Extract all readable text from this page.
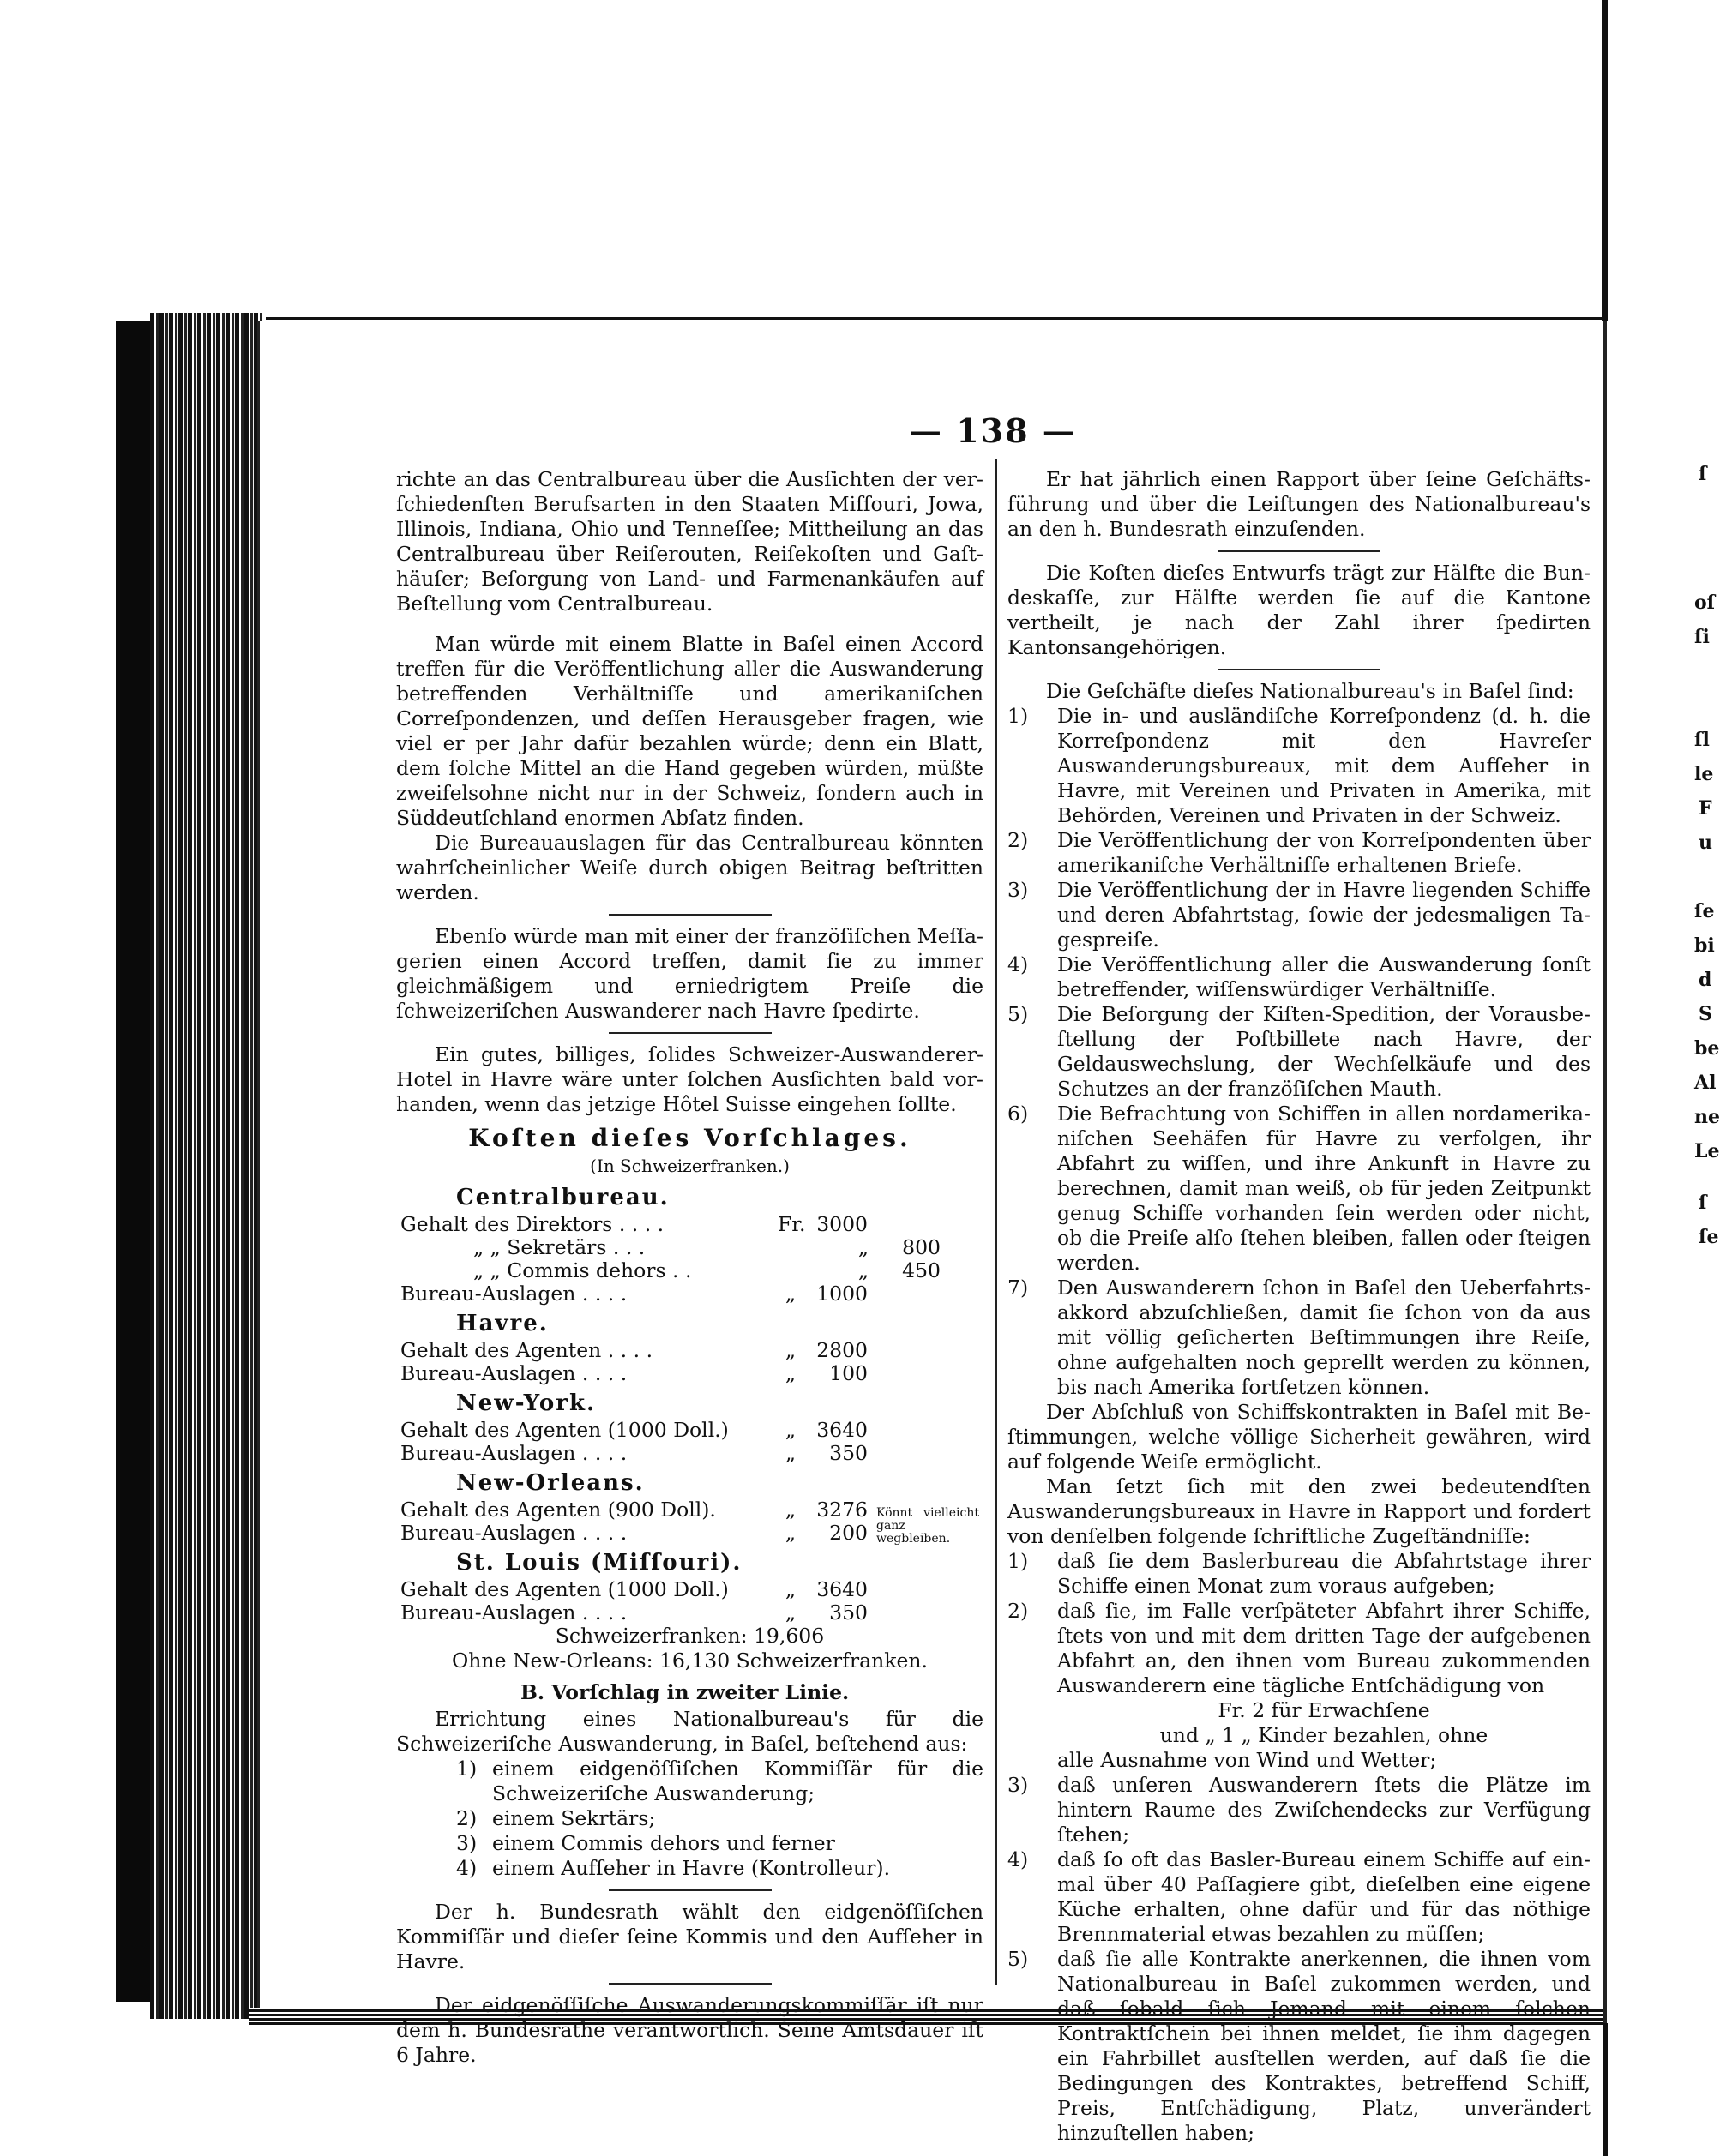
ſ
oſ
ſi
ſl
le
F
u
ſe
bi
d
S
be
Al
ne
Le
ſ
ſe
— 138 —

richte an das Centralbureau über die Ausſichten der verſchiedenſten Berufsarten in den Staaten Miſſouri, Jowa, Illinois, Indiana, Ohio und Tenneſſee; Mittheilung an das Centralbureau über Reiſerouten, Reiſekoſten und Gaſthäuſer; Beſorgung von Land- und Farmenankäufen auf Beſtellung vom Centralbureau.

Man würde mit einem Blatte in Baſel einen Accord treffen für die Veröffentlichung aller die Auswanderung betreffenden Verhältniſſe und amerikaniſchen Correſpondenzen, und deſſen Herausgeber fragen, wie viel er per Jahr dafür bezahlen würde; denn ein Blatt, dem ſolche Mittel an die Hand gegeben würden, müßte zweifelsohne nicht nur in der Schweiz, ſondern auch in Süddeutſchland enormen Abſatz finden.

Die Bureauauslagen für das Centralbureau könnten wahrſcheinlicher Weiſe durch obigen Beitrag beſtritten werden.

Ebenſo würde man mit einer der franzöſiſchen Meſſagerien einen Accord treffen, damit ſie zu immer gleichmäßigem und erniedrigtem Preiſe die ſchweizeriſchen Auswanderer nach Havre ſpedirte.

Ein gutes, billiges, ſolides Schweizer-Auswanderer-Hotel in Havre wäre unter ſolchen Ausſichten bald vorhanden, wenn das jetzige Hôtel Suisse eingehen ſollte.

Koſten dieſes Vorſchlages.
(In Schweizerfranken.)
Centralbureau.
Gehalt des Direktors . . . .	Fr. 3000
„ „ Sekretärs . . .	„	800
„ „ Commis dehors . .	„	450
Bureau-Auslagen . . . .	„	1000
Havre.
Gehalt des Agenten . . . .	„	2800
Bureau-Auslagen . . . .	„	100
New-York.
Gehalt des Agenten (1000 Doll.)	„	3640
Bureau-Auslagen . . . .	„	350
New-Orleans.
Gehalt des Agenten (900 Doll).	„	3276 Könnt vielleicht ganz wegbleiben.
Bureau-Auslagen . . . .	„	200
St. Louis (Miſſouri).
Gehalt des Agenten (1000 Doll.)	„	3640
Bureau-Auslagen . . . .	„	350
Schweizerfranken: 19,606
Ohne New-Orleans: 16,130 Schweizerfranken.
B. Vorſchlag in zweiter Linie.

Errichtung eines Nationalbureau's für die Schweizeriſche Auswanderung, in Baſel, beſtehend aus:

1) einem eidgenöſſiſchen Kommiſſär für die Schweizeriſche Auswanderung;
2) einem Sekrtärs;
3) einem Commis dehors und ferner
4) einem Aufſeher in Havre (Kontrolleur).

Der h. Bundesrath wählt den eidgenöſſiſchen Kommiſſär und dieſer ſeine Kommis und den Aufſeher in Havre.

Der eidgenöſſiſche Auswanderungskommiſſär iſt nur dem h. Bundesrathe verantwortlich. Seine Amtsdauer iſt 6 Jahre.

Er hat jährlich einen Rapport über ſeine Geſchäftsführung und über die Leiſtungen des Nationalbureau's an den h. Bundesrath einzuſenden.

Die Koſten dieſes Entwurfs trägt zur Hälfte die Bundeskaſſe, zur Hälfte werden ſie auf die Kantone vertheilt, je nach der Zahl ihrer ſpedirten Kantonsangehörigen.

Die Geſchäfte dieſes Nationalbureau's in Baſel ſind:

1)	Die in- und ausländiſche Korreſpondenz (d. h. die Korreſpondenz mit den Havreſer Auswanderungsbureaux, mit dem Aufſeher in Havre, mit Vereinen und Privaten in Amerika, mit Behörden, Vereinen und Privaten in der Schweiz.
2)	Die Veröffentlichung der von Korreſpondenten über amerikaniſche Verhältniſſe erhaltenen Briefe.
3)	Die Veröffentlichung der in Havre liegenden Schiffe und deren Abfahrtstag, ſowie der jedesmaligen Tagespreiſe.
4)	Die Veröffentlichung aller die Auswanderung ſonſt betreffender, wiſſenswürdiger Verhältniſſe.
5)	Die Beſorgung der Kiſten-Spedition, der Vorausbeſtellung der Poſtbillete nach Havre, der Geldauswechslung, der Wechſelkäufe und des Schutzes an der franzöſiſchen Mauth.
6)	Die Befrachtung von Schiffen in allen nordamerikaniſchen Seehäfen für Havre zu verfolgen, ihr Abfahrt zu wiſſen, und ihre Ankunft in Havre zu berechnen, damit man weiß, ob für jeden Zeitpunkt genug Schiffe vorhanden ſein werden oder nicht, ob die Preiſe alſo ſtehen bleiben, fallen oder ſteigen werden.
7)	Den Auswanderern ſchon in Baſel den Ueberfahrtsakkord abzuſchließen, damit ſie ſchon von da aus mit völlig geſicherten Beſtimmungen ihre Reiſe, ohne aufgehalten noch geprellt werden zu können, bis nach Amerika fortſetzen können.

Der Abſchluß von Schiffskontrakten in Baſel mit Beſtimmungen, welche völlige Sicherheit gewähren, wird auf folgende Weiſe ermöglicht.

Man ſetzt ſich mit den zwei bedeutendſten Auswanderungsbureaux in Havre in Rapport und fordert von denſelben folgende ſchriftliche Zugeſtändniſſe:

1)	daß ſie dem Baslerbureau die Abfahrtstage ihrer Schiffe einen Monat zum voraus aufgeben;
2)	daß ſie, im Falle verſpäteter Abfahrt ihrer Schiffe, ſtets von und mit dem dritten Tage der aufgebenen Abfahrt an, den ihnen vom Bureau zukommenden Auswanderern eine tägliche Entſchädigung von
Fr. 2 für Erwachſene
und „ 1 „ Kinder bezahlen, ohne
alle Ausnahme von Wind und Wetter;
3)	daß unſeren Auswanderern ſtets die Plätze im hintern Raume des Zwiſchendecks zur Verfügung ſtehen;
4)	daß ſo oft das Basler-Bureau einem Schiffe auf einmal über 40 Paſſagiere gibt, dieſelben eine eigene Küche erhalten, ohne dafür und für das nöthige Brennmaterial etwas bezahlen zu müſſen;
5)	daß ſie alle Kontrakte anerkennen, die ihnen vom Nationalbureau in Baſel zukommen werden, und daß ſobald ſich Jemand mit einem ſolchen Kontraktſchein bei ihnen meldet, ſie ihm dagegen ein Fahrbillet ausſtellen werden, auf daß ſie die Bedingungen des Kontraktes, betreffend Schiff, Preis, Entſchädigung, Platz, unverändert hinzuſtellen haben;
